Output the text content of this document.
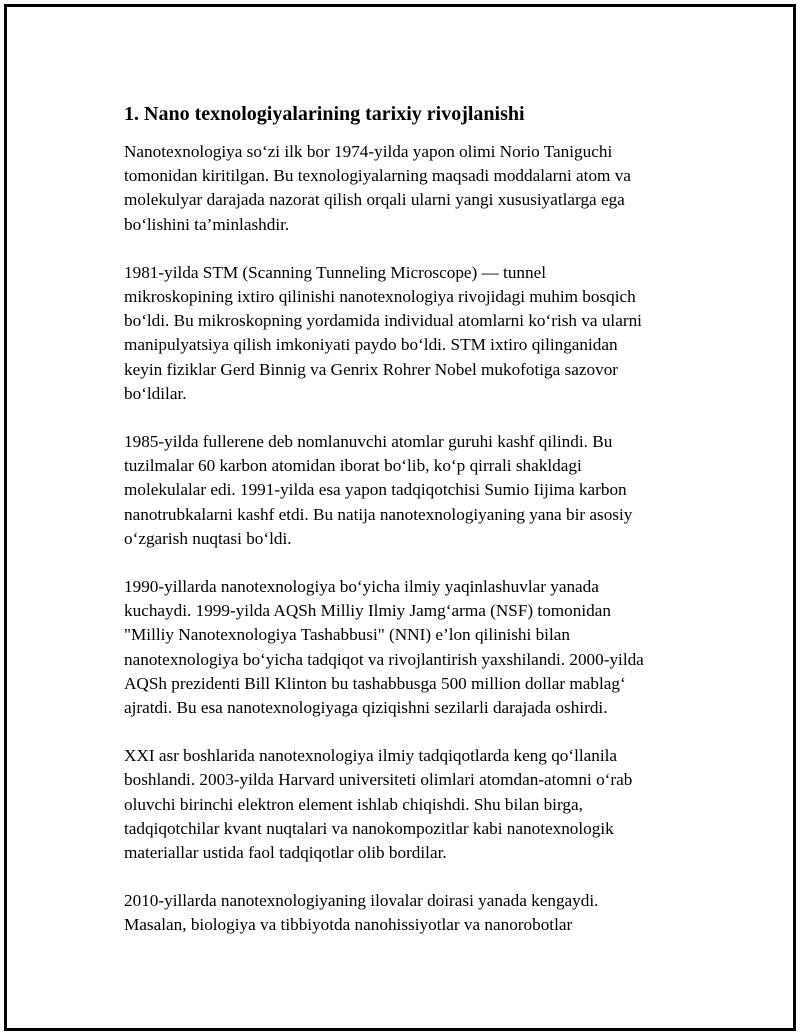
1. Nano texnologiyalarining tarixiy rivojlanishi

Nanotexnologiya so‘zi ilk bor 1974-yilda yapon olimi Norio Taniguchi
tomonidan kiritilgan. Bu texnologiyalarning maqsadi moddalarni atom va
molekulyar darajada nazorat qilish orqali ularni yangi xususiyatlarga ega
bo‘lishini ta’minlashdir.

1981-yilda STM (Scanning Tunneling Microscope) — tunnel
mikroskopining ixtiro qilinishi nanotexnologiya rivojidagi muhim bosqich
bo‘ldi. Bu mikroskopning yordamida individual atomlarni ko‘rish va ularni
manipulyatsiya qilish imkoniyati paydo bo‘ldi. STM ixtiro qilinganidan
keyin fiziklar Gerd Binnig va Genrix Rohrer Nobel mukofotiga sazovor
bo‘ldilar.

1985-yilda fullerene deb nomlanuvchi atomlar guruhi kashf qilindi. Bu
tuzilmalar 60 karbon atomidan iborat bo‘lib, ko‘p qirrali shakldagi
molekulalar edi. 1991-yilda esa yapon tadqiqotchisi Sumio Iijima karbon
nanotrubkalarni kashf etdi. Bu natija nanotexnologiyaning yana bir asosiy
o‘zgarish nuqtasi bo‘ldi.

1990-yillarda nanotexnologiya bo‘yicha ilmiy yaqinlashuvlar yanada
kuchaydi. 1999-yilda AQSh Milliy Ilmiy Jamg‘arma (NSF) tomonidan
"Milliy Nanotexnologiya Tashabbusi" (NNI) e’lon qilinishi bilan
nanotexnologiya bo‘yicha tadqiqot va rivojlantirish yaxshilandi. 2000-yilda
AQSh prezidenti Bill Klinton bu tashabbusga 500 million dollar mablag‘
ajratdi. Bu esa nanotexnologiyaga qiziqishni sezilarli darajada oshirdi.

XXI asr boshlarida nanotexnologiya ilmiy tadqiqotlarda keng qo‘llanila
boshlandi. 2003-yilda Harvard universiteti olimlari atomdan-atomni o‘rab
oluvchi birinchi elektron element ishlab chiqishdi. Shu bilan birga,
tadqiqotchilar kvant nuqtalari va nanokompozitlar kabi nanotexnologik
materiallar ustida faol tadqiqotlar olib bordilar.

2010-yillarda nanotexnologiyaning ilovalar doirasi yanada kengaydi.
Masalan, biologiya va tibbiyotda nanohissiyotlar va nanorobotlar
